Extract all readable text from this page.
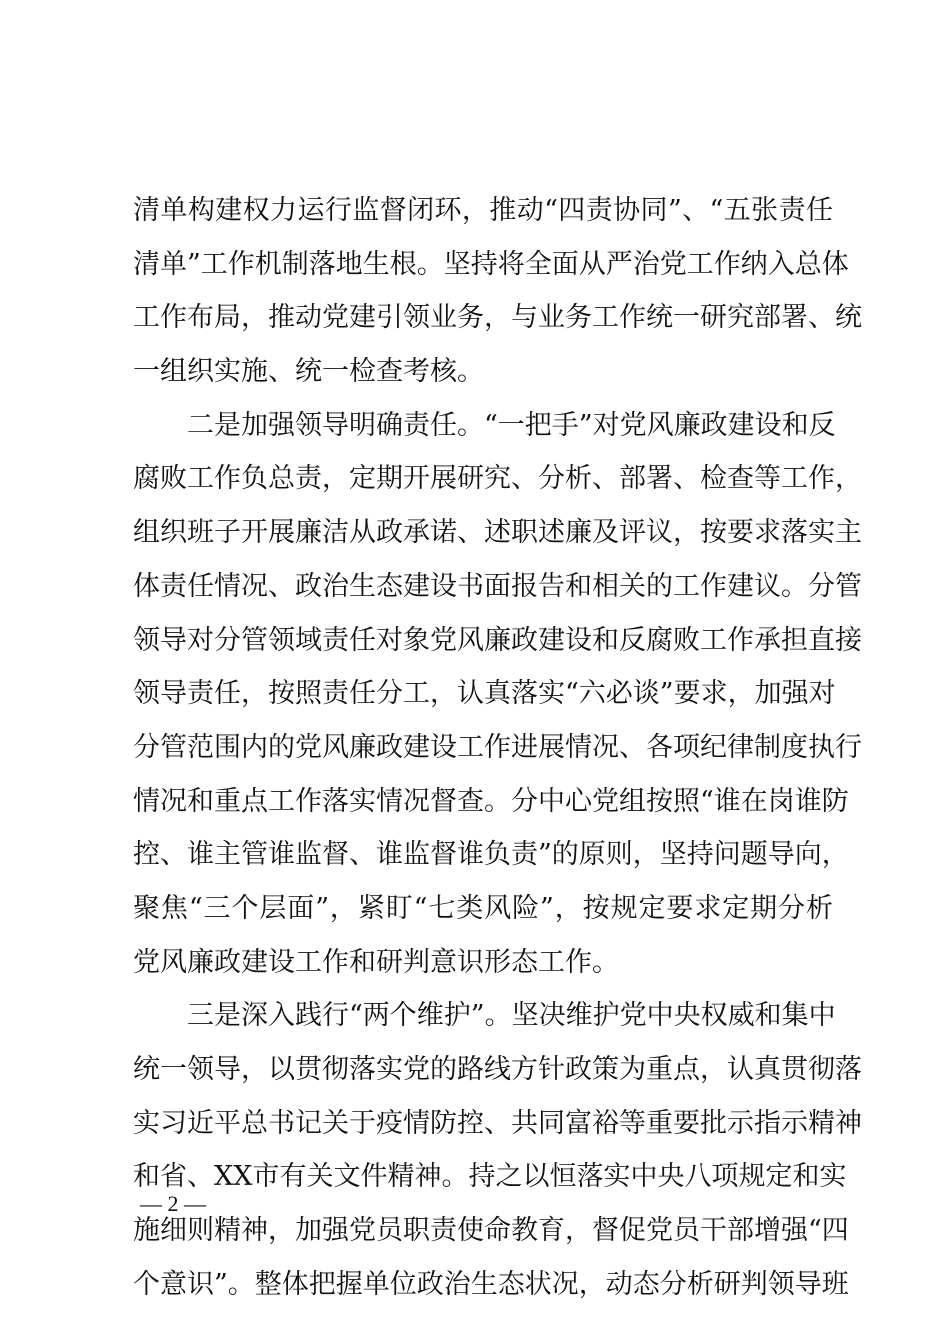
清单构建权力运行监督闭环，推动“四责协同”、“五张责任
清单”工作机制落地生根。坚持将全面从严治党工作纳入总体
工作布局，推动党建引领业务，与业务工作统一研究部署、统
一组织实施、统一检查考核。
　　二是加强领导明确责任。“一把手”对党风廉政建设和反
腐败工作负总责，定期开展研究、分析、部署、检查等工作，
组织班子开展廉洁从政承诺、述职述廉及评议，按要求落实主
体责任情况、政治生态建设书面报告和相关的工作建议。分管
领导对分管领域责任对象党风廉政建设和反腐败工作承担直接
领导责任，按照责任分工，认真落实“六必谈”要求，加强对
分管范围内的党风廉政建设工作进展情况、各项纪律制度执行
情况和重点工作落实情况督查。分中心党组按照“谁在岗谁防
控、谁主管谁监督、谁监督谁负责”的原则，坚持问题导向，
聚焦“三个层面”，紧盯“七类风险”，按规定要求定期分析
党风廉政建设工作和研判意识形态工作。
　　三是深入践行“两个维护”。坚决维护党中央权威和集中
统一领导，以贯彻落实党的路线方针政策为重点，认真贯彻落
实习近平总书记关于疫情防控、共同富裕等重要批示指示精神
和省、XX市有关文件精神。持之以恒落实中央八项规定和实
施细则精神，加强党员职责使命教育，督促党员干部增强“四
个意识”。整体把握单位政治生态状况，动态分析研判领导班
— 2 —
